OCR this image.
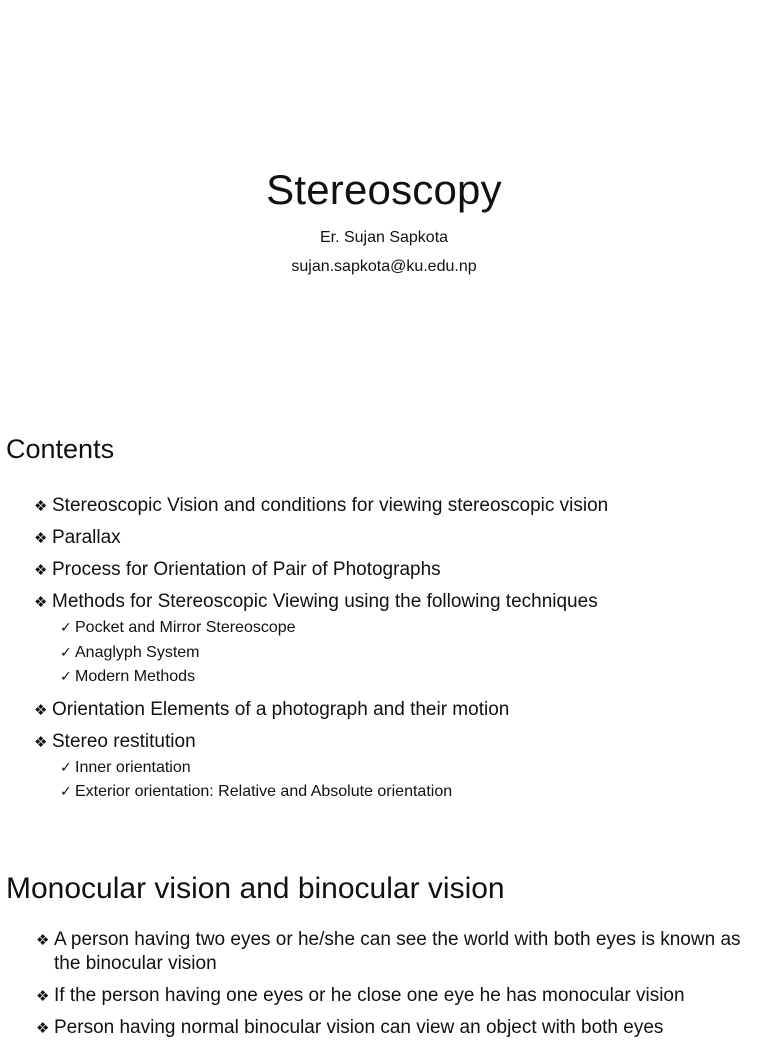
Stereoscopy
Er. Sujan Sapkota
sujan.sapkota@ku.edu.np
Contents
❖ Stereoscopic Vision and conditions for viewing stereoscopic vision
❖ Parallax
❖ Process for Orientation of Pair of Photographs
❖ Methods for Stereoscopic Viewing using the following techniques
✓ Pocket and Mirror Stereoscope
✓ Anaglyph System
✓ Modern Methods
❖ Orientation Elements of a photograph and their motion
❖ Stereo restitution
✓ Inner orientation
✓ Exterior orientation: Relative and Absolute orientation
Monocular vision and binocular vision
❖ A person having two eyes or he/she can see the world with both eyes is known as the binocular vision
❖ If the person having one eyes or he close one eye he has monocular vision
❖ Person having normal binocular vision can view an object with both eyes
